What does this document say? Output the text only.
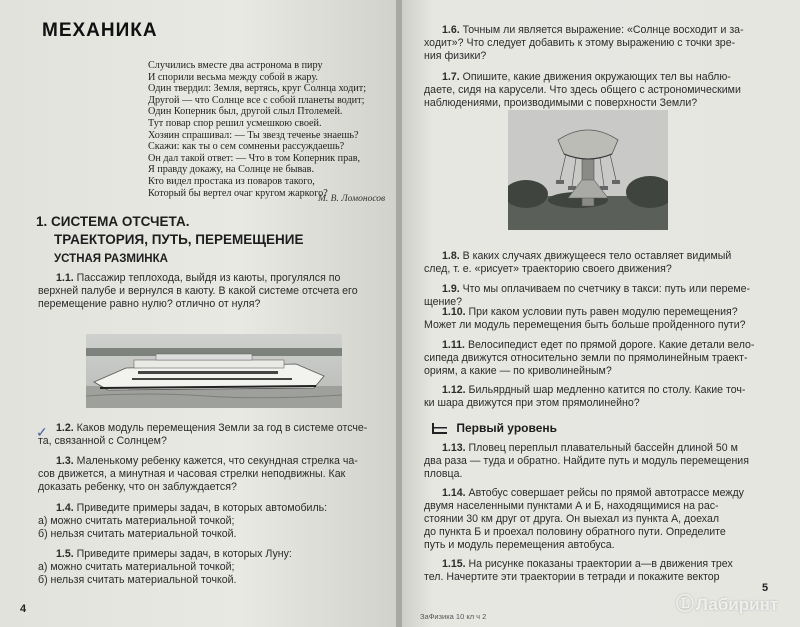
МЕХАНИКА
Случились вместе два астронома в пиру
И спорили весьма между собой в жару.
Один твердил: Земля, вертясь, круг Солнца ходит;
Другой — что Солнце все с собой планеты водит;
Один Коперник был, другой слыл Птолемей.
Тут повар спор решил усмешкою своей.
Хозяин спрашивал: — Ты звезд теченье знаешь?
Скажи: как ты о сем сомненьи рассуждаешь?
Он дал такой ответ: — Что в том Коперник прав,
Я правду докажу, на Солнце не бывав.
Кто видел простака из поваров такого,
Который бы вертел очаг кругом жаркого?
М. В. Ломоносов
1. СИСТЕМА ОТСЧЕТА.
ТРАЕКТОРИЯ, ПУТЬ, ПЕРЕМЕЩЕНИЕ
УСТНАЯ РАЗМИНКА
1.1. Пассажир теплохода, выйдя из каюты, прогулялся по
верхней палубе и вернулся в каюту. В какой системе отсчета его
перемещение равно нулю? отлично от нуля?
✓ 1.2. Каков модуль перемещения Земли за год в системе отсче-
та, связанной с Солнцем?
1.3. Маленькому ребенку кажется, что секундная стрелка ча-
сов движется, а минутная и часовая стрелки неподвижны. Как
доказать ребенку, что он заблуждается?
1.4. Приведите примеры задач, в которых автомобиль:
а) можно считать материальной точкой;
б) нельзя считать материальной точкой.
1.5. Приведите примеры задач, в которых Луну:
а) можно считать материальной точкой;
б) нельзя считать материальной точкой.
4
1.6. Точным ли является выражение: «Солнце восходит и за-
ходит»? Что следует добавить к этому выражению с точки зре-
ния физики?
1.7. Опишите, какие движения окружающих тел вы наблю-
даете, сидя на карусели. Что здесь общего с астрономическими
наблюдениями, производимыми с поверхности Земли?
1.8. В каких случаях движущееся тело оставляет видимый
след, т. е. «рисует» траекторию своего движения?
1.9. Что мы оплачиваем по счетчику в такси: путь или переме-
щение?
1.10. При каком условии путь равен модулю перемещения?
Может ли модуль перемещения быть больше пройденного пути?
1.11. Велосипедист едет по прямой дороге. Какие детали вело-
сипеда движутся относительно земли по прямолинейным траект-
ориям, а какие — по криволинейным?
1.12. Бильярдный шар медленно катится по столу. Какие точ-
ки шара движутся при этом прямолинейно?
Первый уровень
1.13. Пловец переплыл плавательный бассейн длиной 50 м
два раза — туда и обратно. Найдите путь и модуль перемещения
пловца.
1.14. Автобус совершает рейсы по прямой автотрассе между
двумя населенными пунктами А и Б, находящимися на рас-
стоянии 30 км друг от друга. Он выехал из пункта А, доехал
до пункта Б и проехал половину обратного пути. Определите
путь и модуль перемещения автобуса.
1.15. На рисунке показаны траектории а—в движения трех
тел. Начертите эти траектории в тетради и покажите вектор
ЗаФизика 10 кл ч 2
5
Ⓛ Лабиринт
